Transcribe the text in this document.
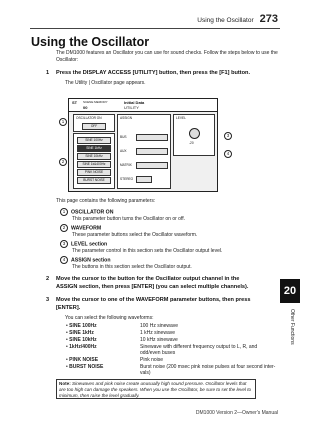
Using the Oscillator 273
Using the Oscillator
The DM1000 features an Oscillator you can use for sound checks. Follow the steps below to use the Oscillator:
1 Press the DISPLAY ACCESS [UTILITY] button, then press the [F1] button.
The Utility | Oscillator page appears.
ST SCENE MEMORY
00
Initial Data
UTILITY
OSCILLATOR ON
OFF
SINE 100Hz
SINE 1kHz
SINE 10kHz
SINE 1k&400Hz
PINK NOISE
BURST NOISE
ASSIGN
BUS
AUX
MATRIX
STEREO
LEVEL
-20
1
2
3
4
This page contains the following parameters:
1 OSCILLATOR ON
This parameter button turns the Oscillator on or off.
2 WAVEFORM
These parameter buttons select the Oscillator waveform.
3 LEVEL section
The parameter control in this section sets the Oscillator output level.
4 ASSIGN section
The buttons in this section select the Oscillator output.
2 Move the cursor to the button for the Oscillator output channel in the
ASSIGN section, then press [ENTER] (you can select multiple channels).
3 Move the cursor to one of the WAVEFORM parameter buttons, then press
[ENTER].
You can select the following waveforms:
• SINE 100Hz	100 Hz sinewave
• SINE 1kHz	1 kHz sinewave
• SINE 10kHz	10 kHz sinewave
• 1kHz/400Hz	Sinewave with different frequency output to L, R, and
odd/even buses
• PINK NOISE	Pink noise
• BURST NOISE	Burst noise (200 msec pink noise pulses at four second inter-
vals)
Note: Sinewaves and pink noise create unusually high sound pressure. Oscillator levels that are too high can damage the speakers. When you use the Oscillator, be sure to set the level to minimum, then raise the level gradually.
20
Other Functions
DM1000 Version 2—Owner's Manual
